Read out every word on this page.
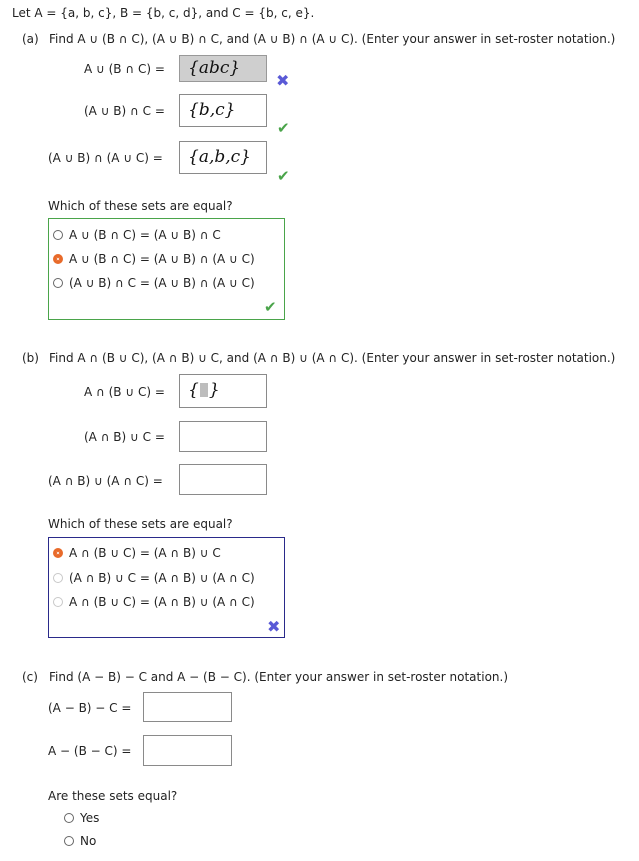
Let A = {a, b, c}, B = {b, c, d}, and C = {b, c, e}.
(a) Find A ∪ (B ∩ C), (A ∪ B) ∩ C, and (A ∪ B) ∩ (A ∪ C). (Enter your answer in set-roster notation.)
A ∪ (B ∩ C) = {abc}
✖
(A ∪ B) ∩ C = {b,c}
✔
(A ∪ B) ∩ (A ∪ C) = {a,b,c}
✔
Which of these sets are equal?
A ∪ (B ∩ C) = (A ∪ B) ∩ C
A ∪ (B ∩ C) = (A ∪ B) ∩ (A ∪ C)
(A ∪ B) ∩ C = (A ∪ B) ∩ (A ∪ C)
✔
(b) Find A ∩ (B ∪ C), (A ∩ B) ∪ C, and (A ∩ B) ∪ (A ∩ C). (Enter your answer in set-roster notation.)
A ∩ (B ∪ C) = { }
(A ∩ B) ∪ C =
(A ∩ B) ∪ (A ∩ C) =
Which of these sets are equal?
A ∩ (B ∪ C) = (A ∩ B) ∪ C
(A ∩ B) ∪ C = (A ∩ B) ∪ (A ∩ C)
A ∩ (B ∪ C) = (A ∩ B) ∪ (A ∩ C)
✖
(c) Find (A − B) − C and A − (B − C). (Enter your answer in set-roster notation.)
(A − B) − C =
A − (B − C) =
Are these sets equal?
Yes
No
